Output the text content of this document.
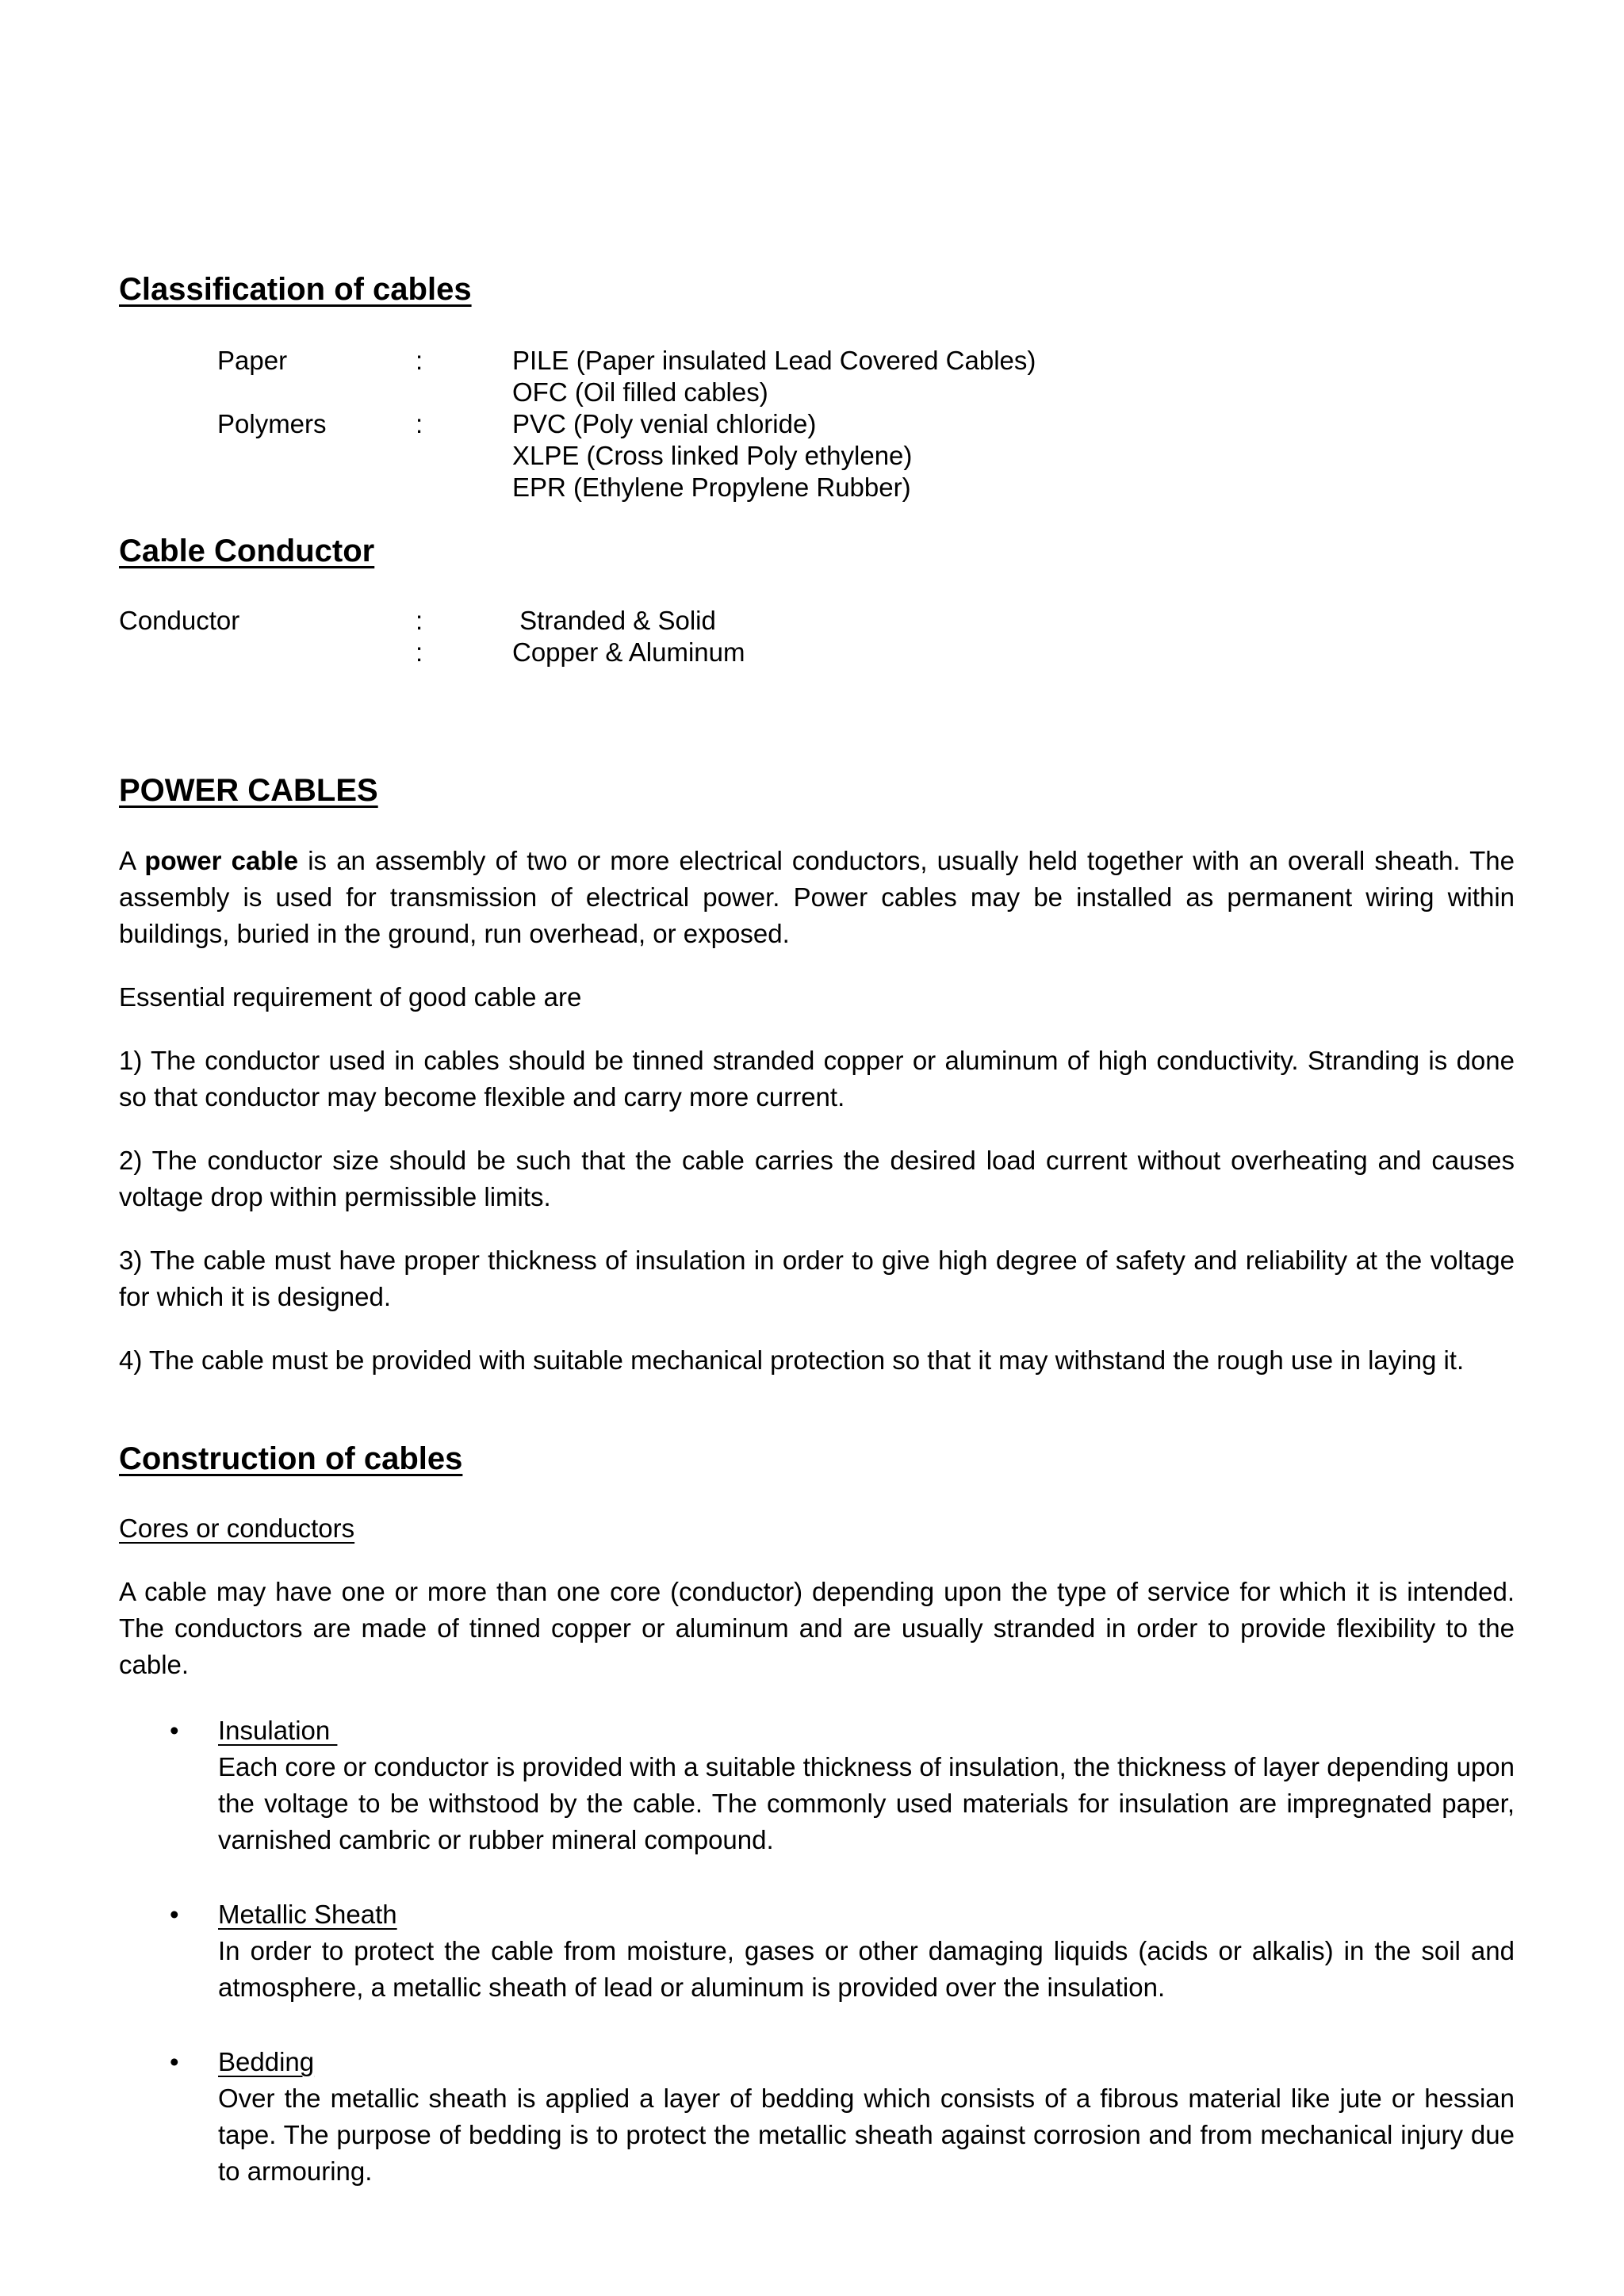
Classification of cables
Paper	:	PILE (Paper insulated Lead Covered Cables)
OFC (Oil filled cables)
Polymers	:	PVC (Poly venial chloride)
XLPE (Cross linked Poly ethylene)
EPR (Ethylene Propylene Rubber)
Cable Conductor
Conductor	:	Stranded & Solid
:	Copper & Aluminum
POWER CABLES
A power cable is an assembly of two or more electrical conductors, usually held together with an overall sheath. The assembly is used for transmission of electrical power. Power cables may be installed as permanent wiring within buildings, buried in the ground, run overhead, or exposed.
Essential requirement of good cable are
1) The conductor used in cables should be tinned stranded copper or aluminum of high conductivity. Stranding is done so that conductor may become flexible and carry more current.
2) The conductor size should be such that the cable carries the desired load current without overheating and causes voltage drop within permissible limits.
3) The cable must have proper thickness of insulation in order to give high degree of safety and reliability at the voltage for which it is designed.
4) The cable must be provided with suitable mechanical protection so that it may withstand the rough use in laying it.
Construction of cables
Cores or conductors
A cable may have one or more than one core (conductor) depending upon the type of service for which it is intended. The conductors are made of tinned copper or aluminum and are usually stranded in order to provide flexibility to the cable.
• Insulation
Each core or conductor is provided with a suitable thickness of insulation, the thickness of layer depending upon the voltage to be withstood by the cable. The commonly used materials for insulation are impregnated paper, varnished cambric or rubber mineral compound.
• Metallic Sheath
In order to protect the cable from moisture, gases or other damaging liquids (acids or alkalis) in the soil and atmosphere, a metallic sheath of lead or aluminum is provided over the insulation.
• Bedding
Over the metallic sheath is applied a layer of bedding which consists of a fibrous material like jute or hessian tape. The purpose of bedding is to protect the metallic sheath against corrosion and from mechanical injury due to armouring.
